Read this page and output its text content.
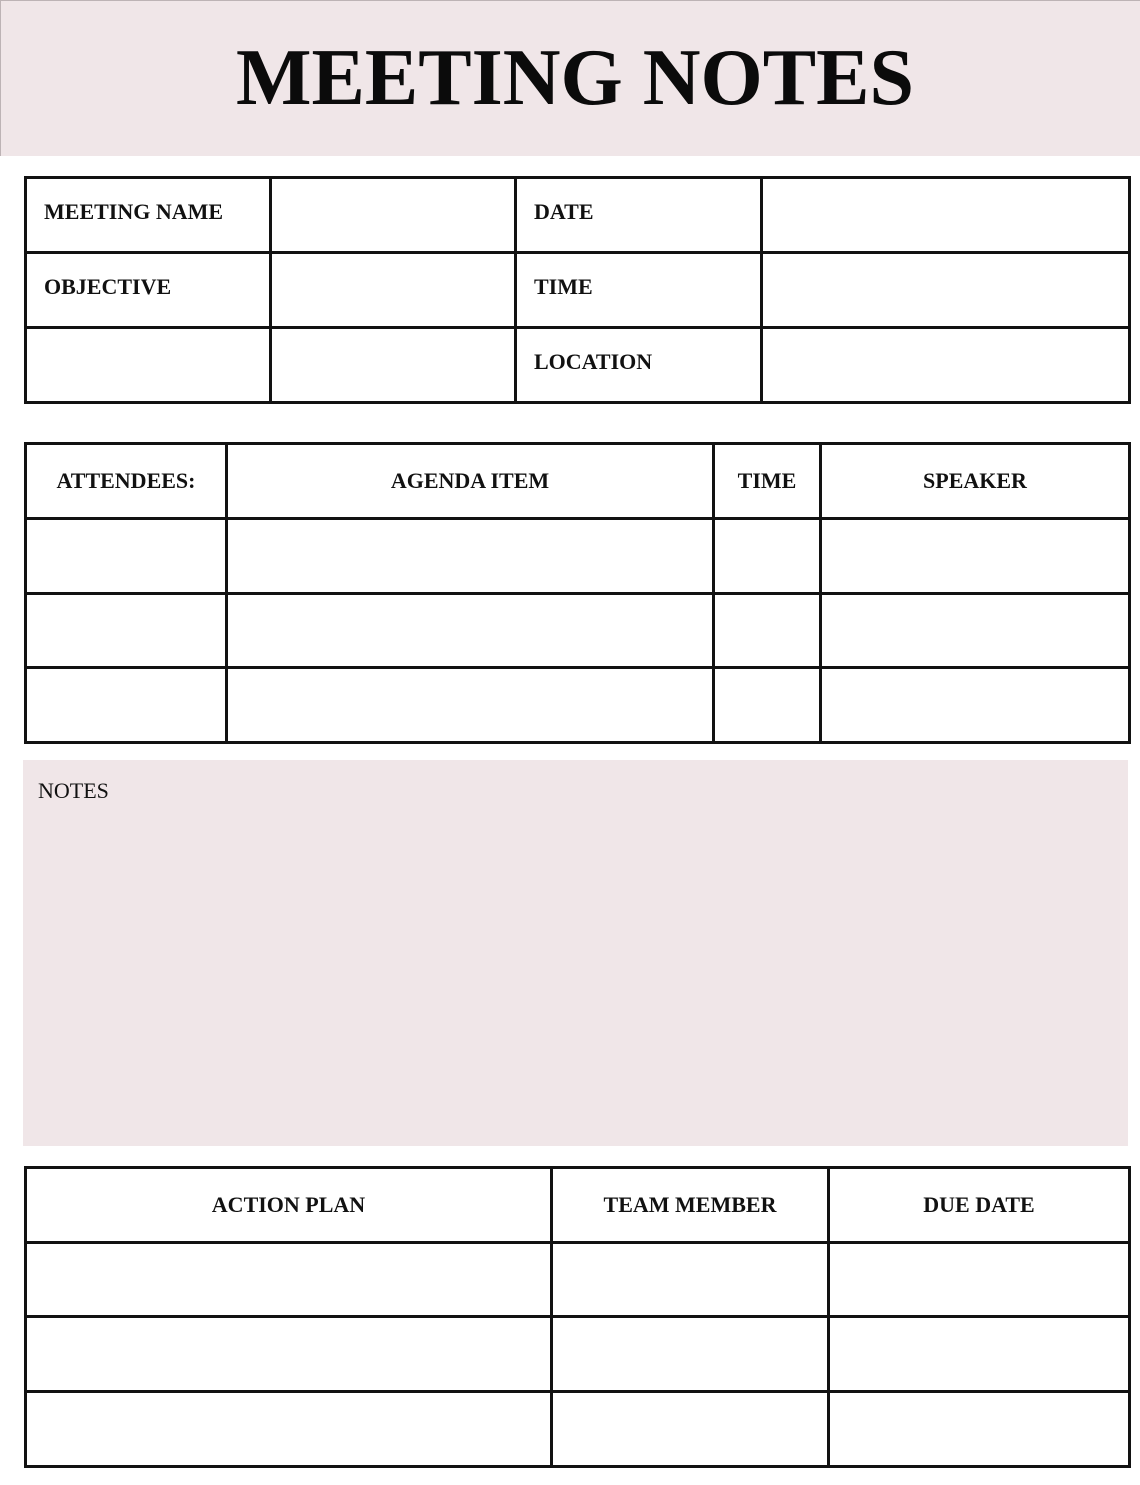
MEETING NOTES
MEETING NAME		DATE	
OBJECTIVE		TIME	
		LOCATION	
ATTENDEES:	AGENDA ITEM	TIME	SPEAKER

NOTES
ACTION PLAN	TEAM MEMBER	DUE DATE
